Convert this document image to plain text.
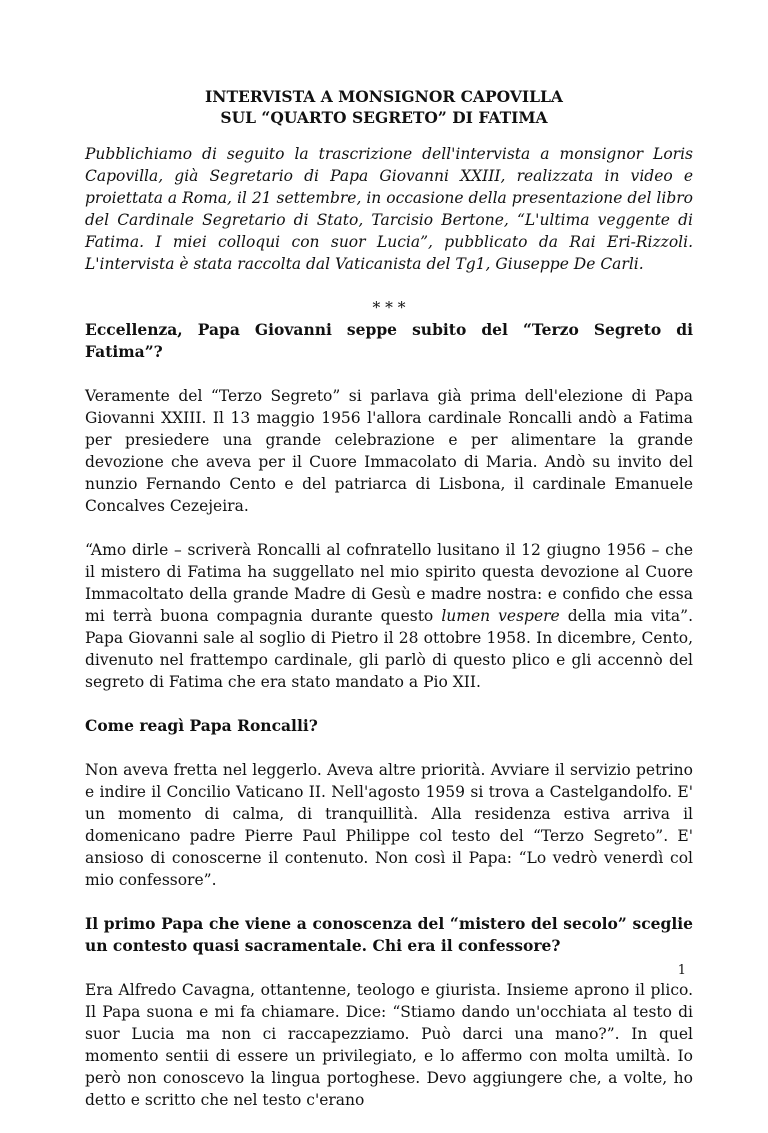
INTERVISTA A MONSIGNOR CAPOVILLA
SUL “QUARTO SEGRETO” DI FATIMA

Pubblichiamo di seguito la trascrizione dell'intervista a monsignor Loris Capovilla, già Segretario di Papa Giovanni XXIII, realizzata in video e proiettata a Roma, il 21 settembre, in occasione della presentazione del libro del Cardinale Segretario di Stato, Tarcisio Bertone, “L'ultima veggente di Fatima. I miei colloqui con suor Lucia”, pubblicato da Rai Eri-Rizzoli. L'intervista è stata raccolta dal Vaticanista del Tg1, Giuseppe De Carli.

* * *

Eccellenza, Papa Giovanni seppe subito del “Terzo Segreto di Fatima”?

Veramente del “Terzo Segreto” si parlava già prima dell'elezione di Papa Giovanni XXIII. Il 13 maggio 1956 l'allora cardinale Roncalli andò a Fatima per presiedere una grande celebrazione e per alimentare la grande devozione che aveva per il Cuore Immacolato di Maria. Andò su invito del nunzio Fernando Cento e del patriarca di Lisbona, il cardinale Emanuele Concalves Cezejeira.

“Amo dirle – scriverà Roncalli al cofnratello lusitano il 12 giugno 1956 – che il mistero di Fatima ha suggellato nel mio spirito questa devozione al Cuore Immacoltato della grande Madre di Gesù e madre nostra: e confido che essa mi terrà buona compagnia durante questo lumen vespere della mia vita”. Papa Giovanni sale al soglio di Pietro il 28 ottobre 1958. In dicembre, Cento, divenuto nel frattempo cardinale, gli parlò di questo plico e gli accennò del segreto di Fatima che era stato mandato a Pio XII.

Come reagì Papa Roncalli?

Non aveva fretta nel leggerlo. Aveva altre priorità. Avviare il servizio petrino e indire il Concilio Vaticano II. Nell'agosto 1959 si trova a Castelgandolfo. E' un momento di calma, di tranquillità. Alla residenza estiva arriva il domenicano padre Pierre Paul Philippe col testo del “Terzo Segreto”. E' ansioso di conoscerne il contenuto. Non così il Papa: “Lo vedrò venerdì col mio confessore”.

Il primo Papa che viene a conoscenza del “mistero del secolo” sceglie un contesto quasi sacramentale. Chi era il confessore?

Era Alfredo Cavagna, ottantenne, teologo e giurista. Insieme aprono il plico. Il Papa suona e mi fa chiamare. Dice: “Stiamo dando un'occhiata al testo di suor Lucia ma non ci raccapezziamo. Può darci una mano?”. In quel momento sentii di essere un privilegiato, e lo affermo con molta umiltà. Io però non conoscevo la lingua portoghese. Devo aggiungere che, a volte, ho detto e scritto che nel testo c'erano

1
